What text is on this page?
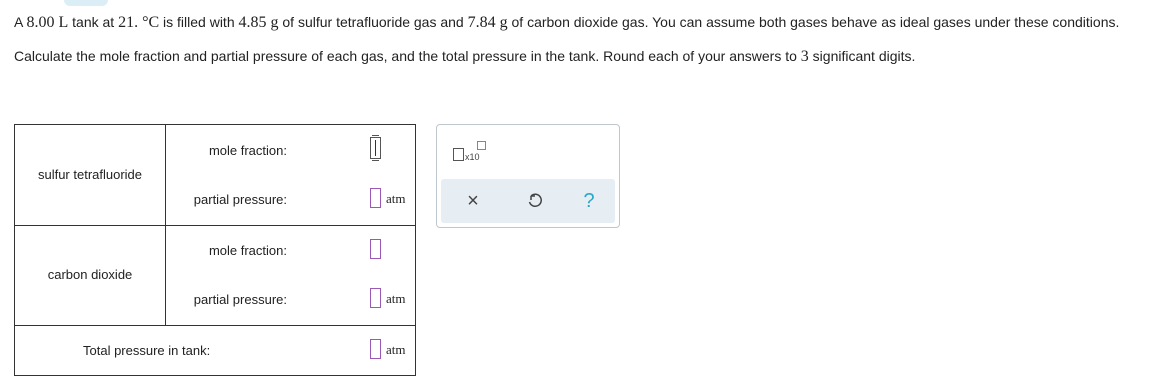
A 8.00 L tank at 21. °C is filled with 4.85 g of sulfur tetrafluoride gas and 7.84 g of carbon dioxide gas. You can assume both gases behave as ideal gases under these conditions.

Calculate the mole fraction and partial pressure of each gas, and the total pressure in the tank. Round each of your answers to 3 significant digits.

sulfur tetrafluoride
mole fraction:
partial pressure:	atm
carbon dioxide
mole fraction:
partial pressure:	atm
Total pressure in tank:	atm
x10
×	?
